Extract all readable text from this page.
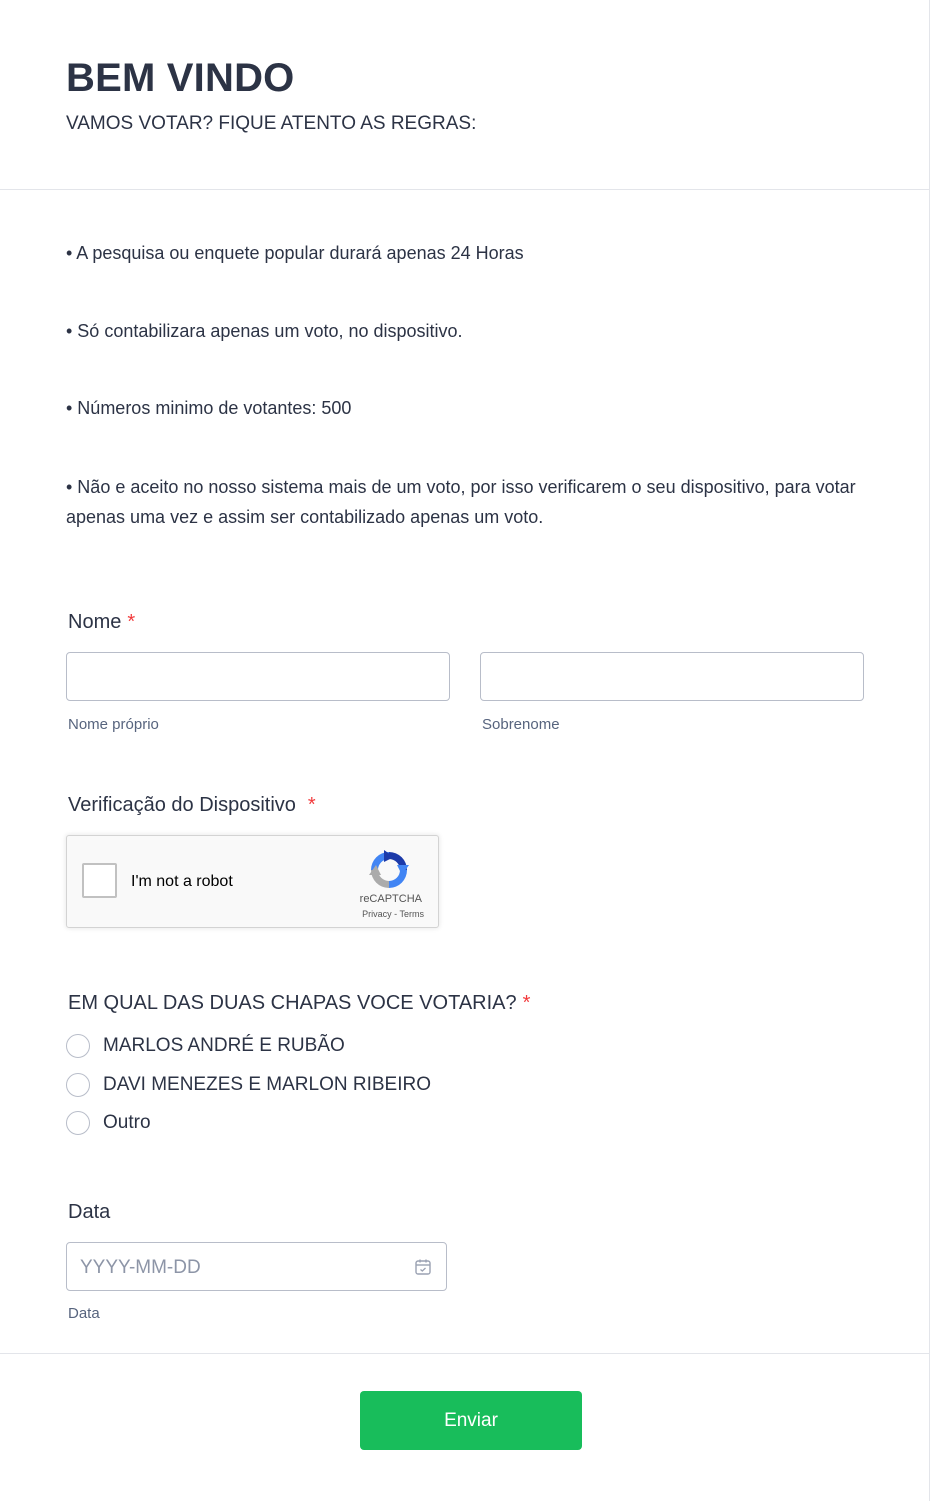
BEM VINDO
VAMOS VOTAR? FIQUE ATENTO AS REGRAS:
• A pesquisa ou enquete popular durará apenas 24 Horas
• Só contabilizara apenas um voto, no dispositivo.
• Números minimo de votantes: 500
• Não e aceito no nosso sistema mais de um voto, por isso verificarem o seu dispositivo, para votar apenas uma vez e assim ser contabilizado apenas um voto.
Nome *
Nome próprio	Sobrenome
Verificação do Dispositivo *
I'm not a robot
reCAPTCHA
Privacy - Terms
EM QUAL DAS DUAS CHAPAS VOCE VOTARIA? *
MARLOS ANDRÉ E RUBÃO
DAVI MENEZES E MARLON RIBEIRO
Outro
Data
YYYY-MM-DD
Data
Enviar
